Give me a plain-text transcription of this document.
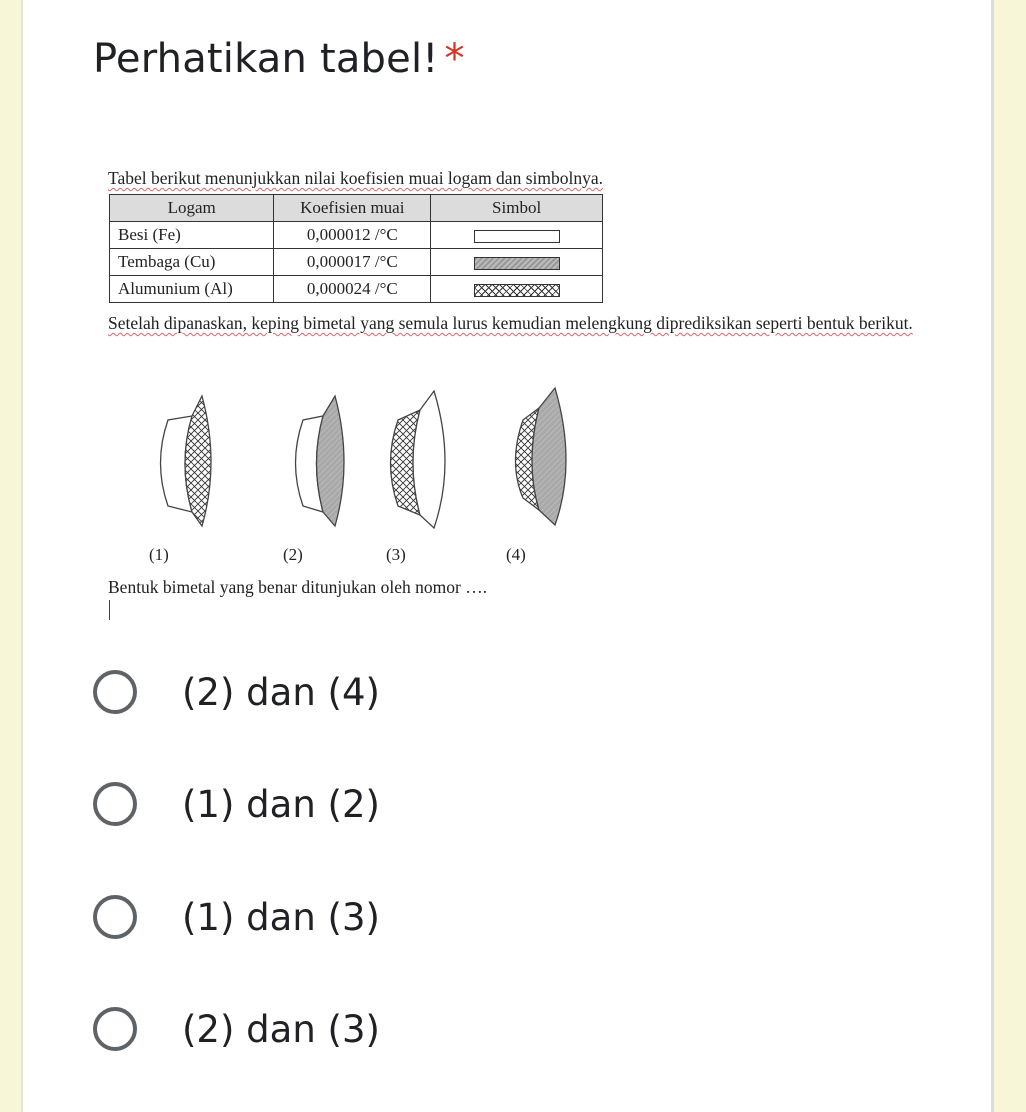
Perhatikan tabel! *
Tabel berikut menunjukkan nilai koefisien muai logam dan simbolnya.
Logam	Koefisien muai	Simbol
Besi (Fe)	0,000012 /°C	
Tembaga (Cu)	0,000017 /°C	
Alumunium (Al)	0,000024 /°C	
Setelah dipanaskan, keping bimetal yang semula lurus kemudian melengkung diprediksikan seperti bentuk berikut.
(1)	(2)	(3)	(4)
Bentuk bimetal yang benar ditunjukan oleh nomor ….
(2) dan (4)
(1) dan (2)
(1) dan (3)
(2) dan (3)
